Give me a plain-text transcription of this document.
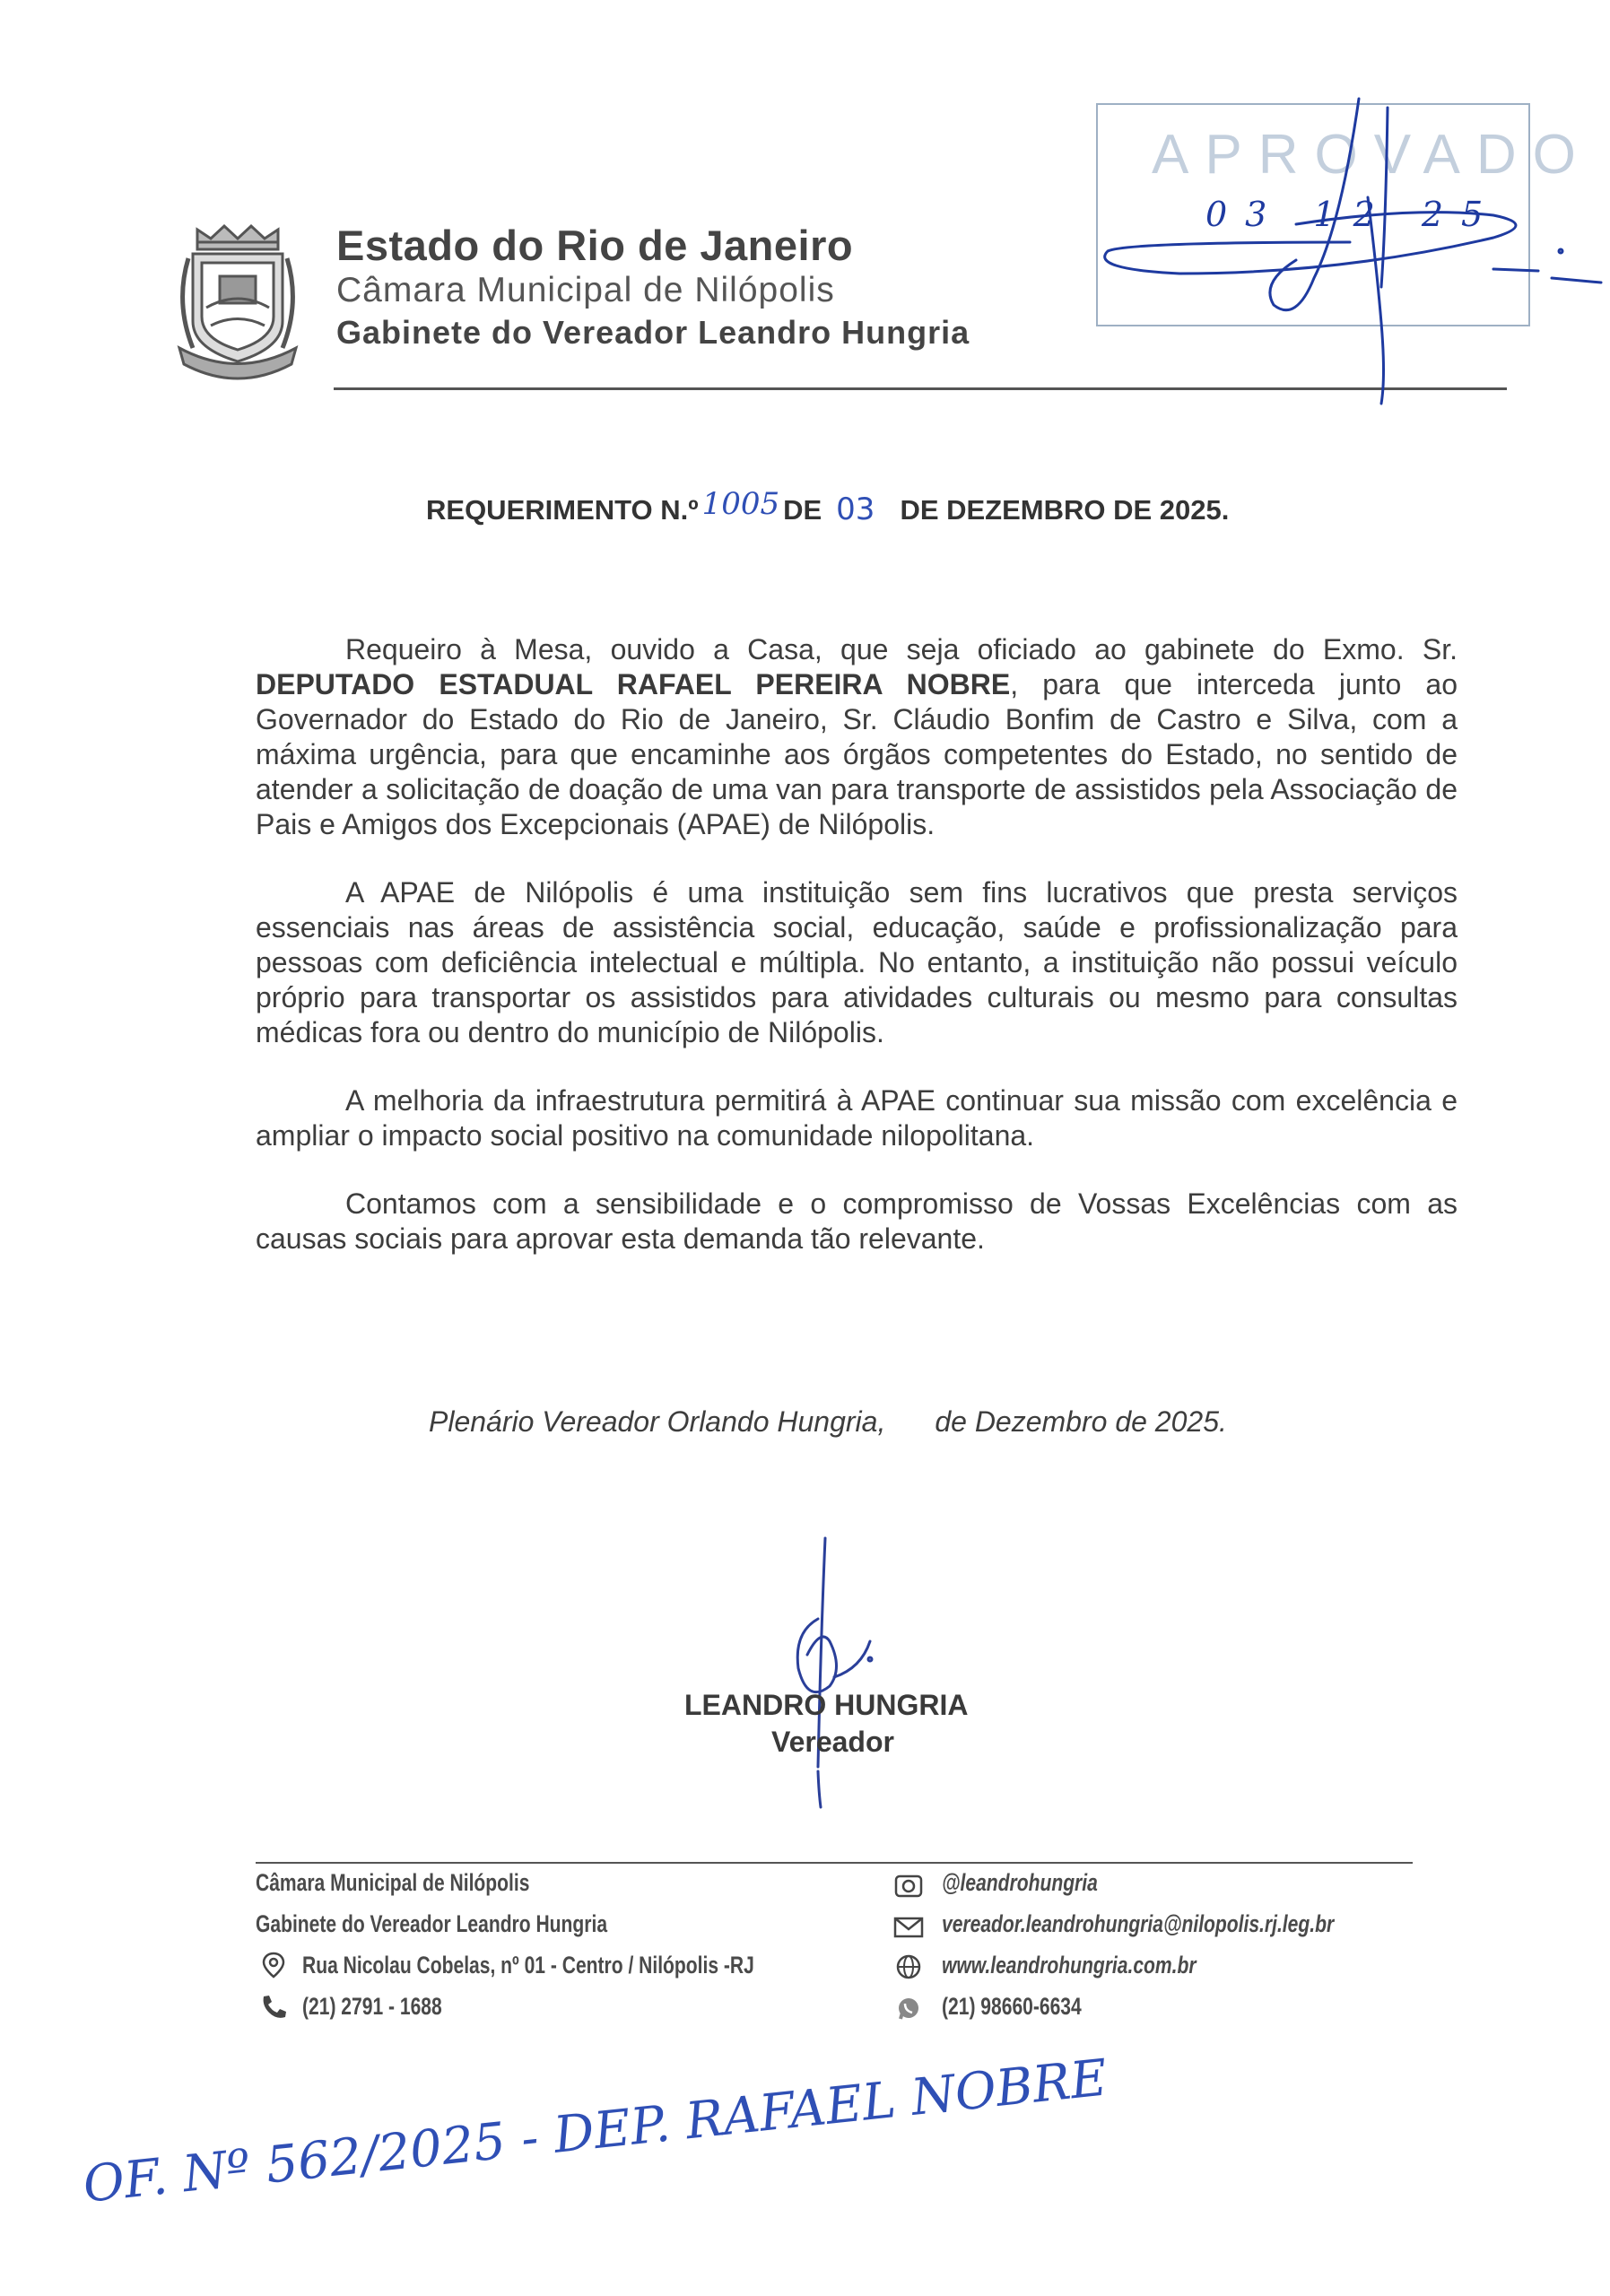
Estado do Rio de Janeiro
Câmara Municipal de Nilópolis
Gabinete do Vereador Leandro Hungria
APROVADO
03 12 25
REQUERIMENTO N.º 1005 DE 03 DE DEZEMBRO DE 2025.

Requeiro à Mesa, ouvido a Casa, que seja oficiado ao gabinete do Exmo. Sr. DEPUTADO ESTADUAL RAFAEL PEREIRA NOBRE, para que interceda junto ao Governador do Estado do Rio de Janeiro, Sr. Cláudio Bonfim de Castro e Silva, com a máxima urgência, para que encaminhe aos órgãos competentes do Estado, no sentido de atender a solicitação de doação de uma van para transporte de assistidos pela Associação de Pais e Amigos dos Excepcionais (APAE) de Nilópolis.

A APAE de Nilópolis é uma instituição sem fins lucrativos que presta serviços essenciais nas áreas de assistência social, educação, saúde e profissionalização para pessoas com deficiência intelectual e múltipla. No entanto, a instituição não possui veículo próprio para transportar os assistidos para atividades culturais ou mesmo para consultas médicas fora ou dentro do município de Nilópolis.

A melhoria da infraestrutura permitirá à APAE continuar sua missão com excelência e ampliar o impacto social positivo na comunidade nilopolitana.

Contamos com a sensibilidade e o compromisso de Vossas Excelências com as causas sociais para aprovar esta demanda tão relevante.

Plenário Vereador Orlando Hungria, de Dezembro de 2025.
LEANDRO HUNGRIA
Vereador
Câmara Municipal de Nilópolis
Gabinete do Vereador Leandro Hungria
Rua Nicolau Cobelas, nº 01 - Centro / Nilópolis -RJ
(21) 2791 - 1688
@leandrohungria
vereador.leandrohungria@nilopolis.rj.leg.br
www.leandrohungria.com.br
(21) 98660-6634
OF. Nº 562/2025 - DEP. RAFAEL NOBRE
